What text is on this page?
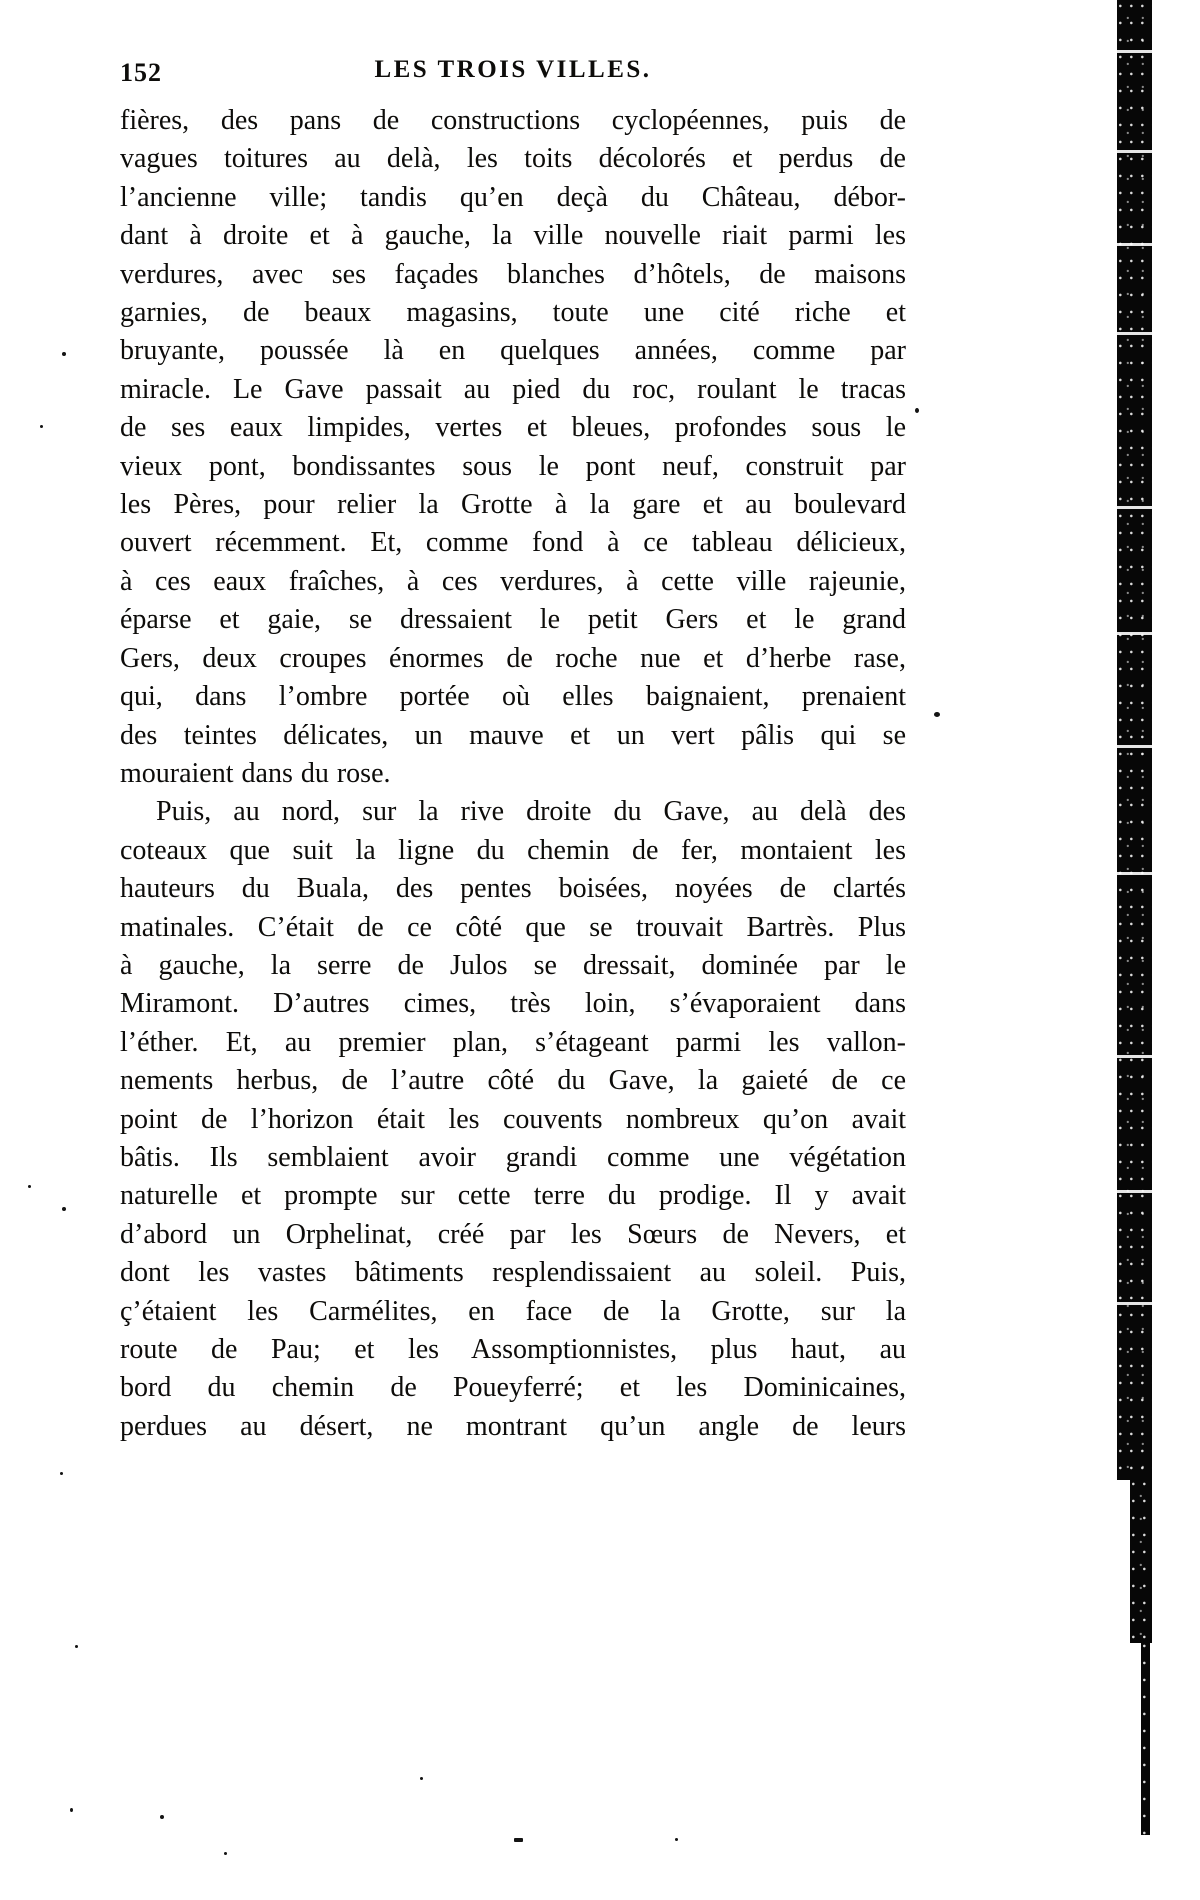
152	LES TROIS VILLES.
fières, des pans de constructions cyclopéennes, puis de
vagues toitures au delà, les toits décolorés et perdus de
l’ancienne ville; tandis qu’en deçà du Château, débor-
dant à droite et à gauche, la ville nouvelle riait parmi les
verdures, avec ses façades blanches d’hôtels, de maisons
garnies, de beaux magasins, toute une cité riche et
bruyante, poussée là en quelques années, comme par
miracle. Le Gave passait au pied du roc, roulant le tracas
de ses eaux limpides, vertes et bleues, profondes sous le
vieux pont, bondissantes sous le pont neuf, construit par
les Pères, pour relier la Grotte à la gare et au boulevard
ouvert récemment. Et, comme fond à ce tableau délicieux,
à ces eaux fraîches, à ces verdures, à cette ville rajeunie,
éparse et gaie, se dressaient le petit Gers et le grand
Gers, deux croupes énormes de roche nue et d’herbe rase,
qui, dans l’ombre portée où elles baignaient, prenaient
des teintes délicates, un mauve et un vert pâlis qui se
mouraient dans du rose.
Puis, au nord, sur la rive droite du Gave, au delà des
coteaux que suit la ligne du chemin de fer, montaient les
hauteurs du Buala, des pentes boisées, noyées de clartés
matinales. C’était de ce côté que se trouvait Bartrès. Plus
à gauche, la serre de Julos se dressait, dominée par le
Miramont. D’autres cimes, très loin, s’évaporaient dans
l’éther. Et, au premier plan, s’étageant parmi les vallon-
nements herbus, de l’autre côté du Gave, la gaieté de ce
point de l’horizon était les couvents nombreux qu’on avait
bâtis. Ils semblaient avoir grandi comme une végétation
naturelle et prompte sur cette terre du prodige. Il y avait
d’abord un Orphelinat, créé par les Sœurs de Nevers, et
dont les vastes bâtiments resplendissaient au soleil. Puis,
ç’étaient les Carmélites, en face de la Grotte, sur la
route de Pau; et les Assomptionnistes, plus haut, au
bord du chemin de Poueyferré; et les Dominicaines,
perdues au désert, ne montrant qu’un angle de leurs
